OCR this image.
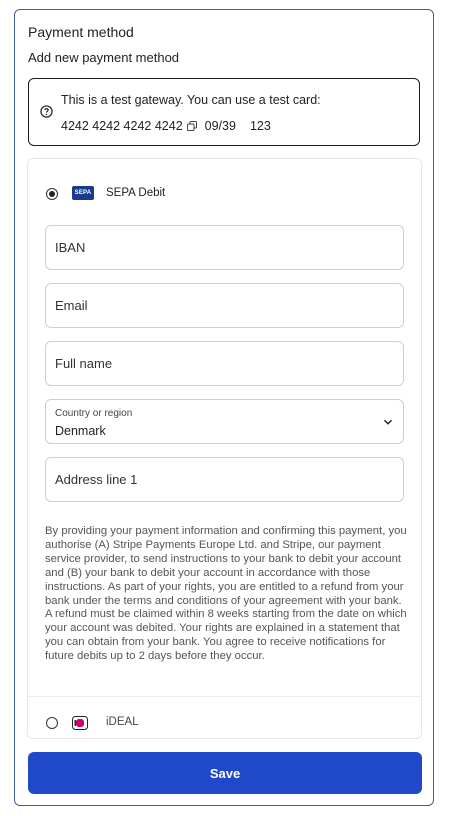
Payment method
Add new payment method
This is a test gateway. You can use a test card:
4242 4242 4242 4242 09/39 123
SEPA SEPA Debit
IBAN
Email
Full name
Country or region
Denmark
Address line 1
By providing your payment information and confirming this payment, you authorise (A) Stripe Payments Europe Ltd. and Stripe, our payment service provider, to send instructions to your bank to debit your account and (B) your bank to debit your account in accordance with those instructions. As part of your rights, you are entitled to a refund from your bank under the terms and conditions of your agreement with your bank. A refund must be claimed within 8 weeks starting from the date on which your account was debited. Your rights are explained in a statement that you can obtain from your bank. You agree to receive notifications for future debits up to 2 days before they occur.
iDEAL
Save
